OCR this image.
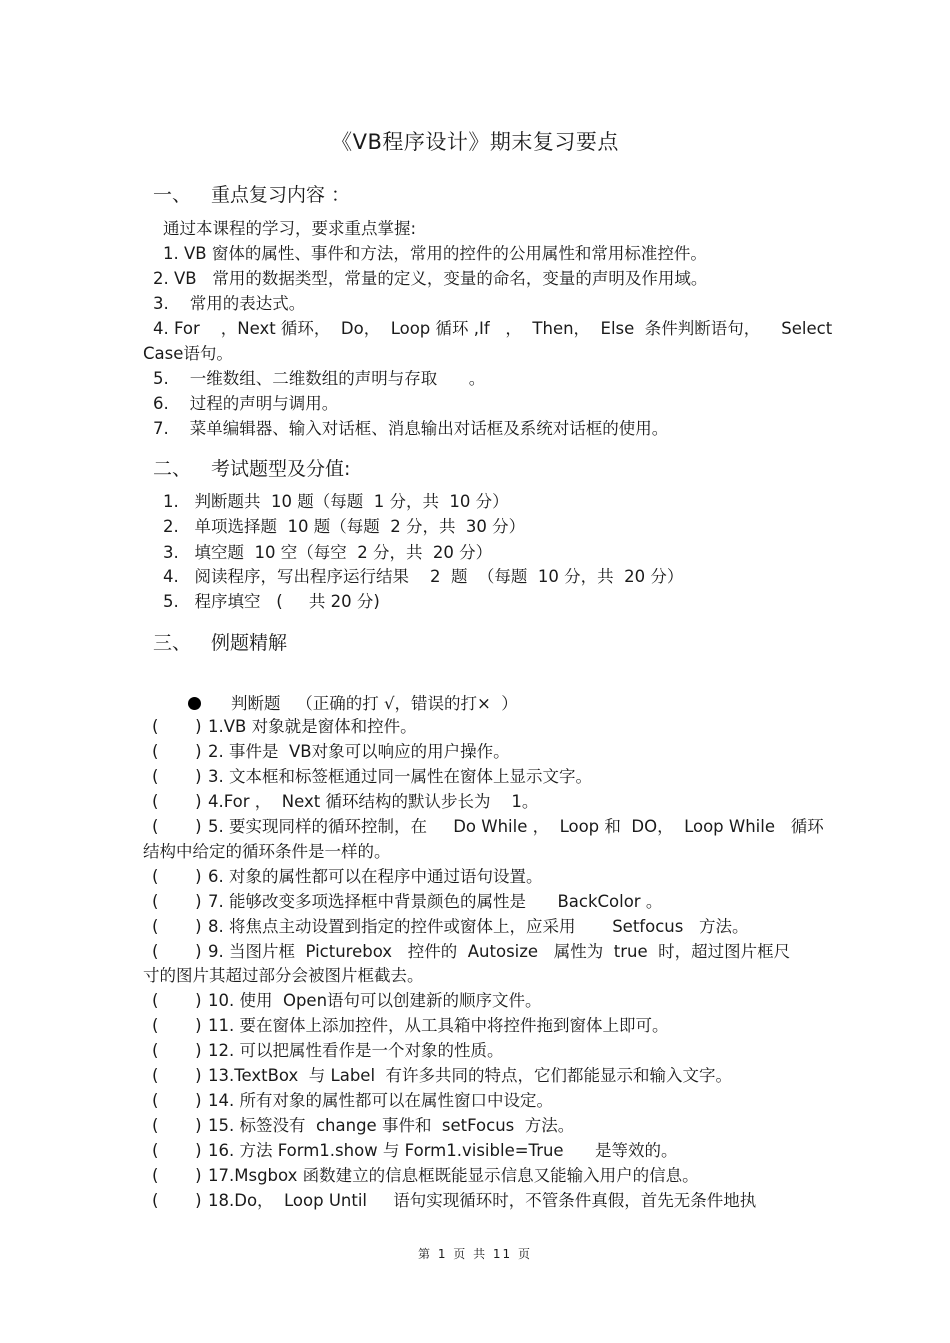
《VB程序设计》期末复习要点
一、 重点复习内容 ：
通过本课程的学习，要求重点掌握:
1. VB 窗体的属性、事件和方法，常用的控件的公用属性和常用标准控件。
2. VB   常用的数据类型，常量的定义，变量的命名，变量的声明及作用域。
3.    常用的表达式。
4. For    ，Next 循环，  Do，  Loop 循环 ,If   ，  Then，  Else  条件判断语句，    Select
Case语句。
5.    一维数组、二维数组的声明与存取      。
6.    过程的声明与调用。
7.    菜单编辑器、输入对话框、消息输出对话框及系统对话框的使用。
二、 考试题型及分值:
1.   判断题共  10 题（每题  1 分，共  10 分）
2.   单项选择题  10 题（每题  2 分，共  30 分）
3.   填空题  10 空（每空  2 分，共  20 分）
4.   阅读程序，写出程序运行结果    2  题  （每题  10 分，共  20 分）
5.   程序填空   (     共 20 分)
三、 例题精解
判断题   （正确的打 √，错误的打×  ）
(       ) 1.VB 对象就是窗体和控件。
(       ) 2. 事件是  VB对象可以响应的用户操作。
(       ) 3. 文本框和标签框通过同一属性在窗体上显示文字。
(       ) 4.For ，  Next 循环结构的默认步长为    1。
(       ) 5. 要实现同样的循环控制，在     Do While ，  Loop 和  DO，  Loop While   循环
结构中给定的循环条件是一样的。
(       ) 6. 对象的属性都可以在程序中通过语句设置。
(       ) 7. 能够改变多项选择框中背景颜色的属性是      BackColor 。
(       ) 8. 将焦点主动设置到指定的控件或窗体上，应采用       Setfocus   方法。
(       ) 9. 当图片框  Picturebox   控件的  Autosize   属性为  true  时，超过图片框尺
寸的图片其超过部分会被图片框截去。
(       ) 10. 使用  Open语句可以创建新的顺序文件。
(       ) 11. 要在窗体上添加控件，从工具箱中将控件拖到窗体上即可。
(       ) 12. 可以把属性看作是一个对象的性质。
(       ) 13.TextBox  与 Label  有许多共同的特点，它们都能显示和输入文字。
(       ) 14. 所有对象的属性都可以在属性窗口中设定。
(       ) 15. 标签没有  change 事件和  setFocus  方法。
(       ) 16. 方法 Form1.show 与 Form1.visible=True      是等效的。
(       ) 17.Msgbox 函数建立的信息框既能显示信息又能输入用户的信息。
(       ) 18.Do，  Loop Until     语句实现循环时，不管条件真假，首先无条件地执
第 1 页 共 11 页
